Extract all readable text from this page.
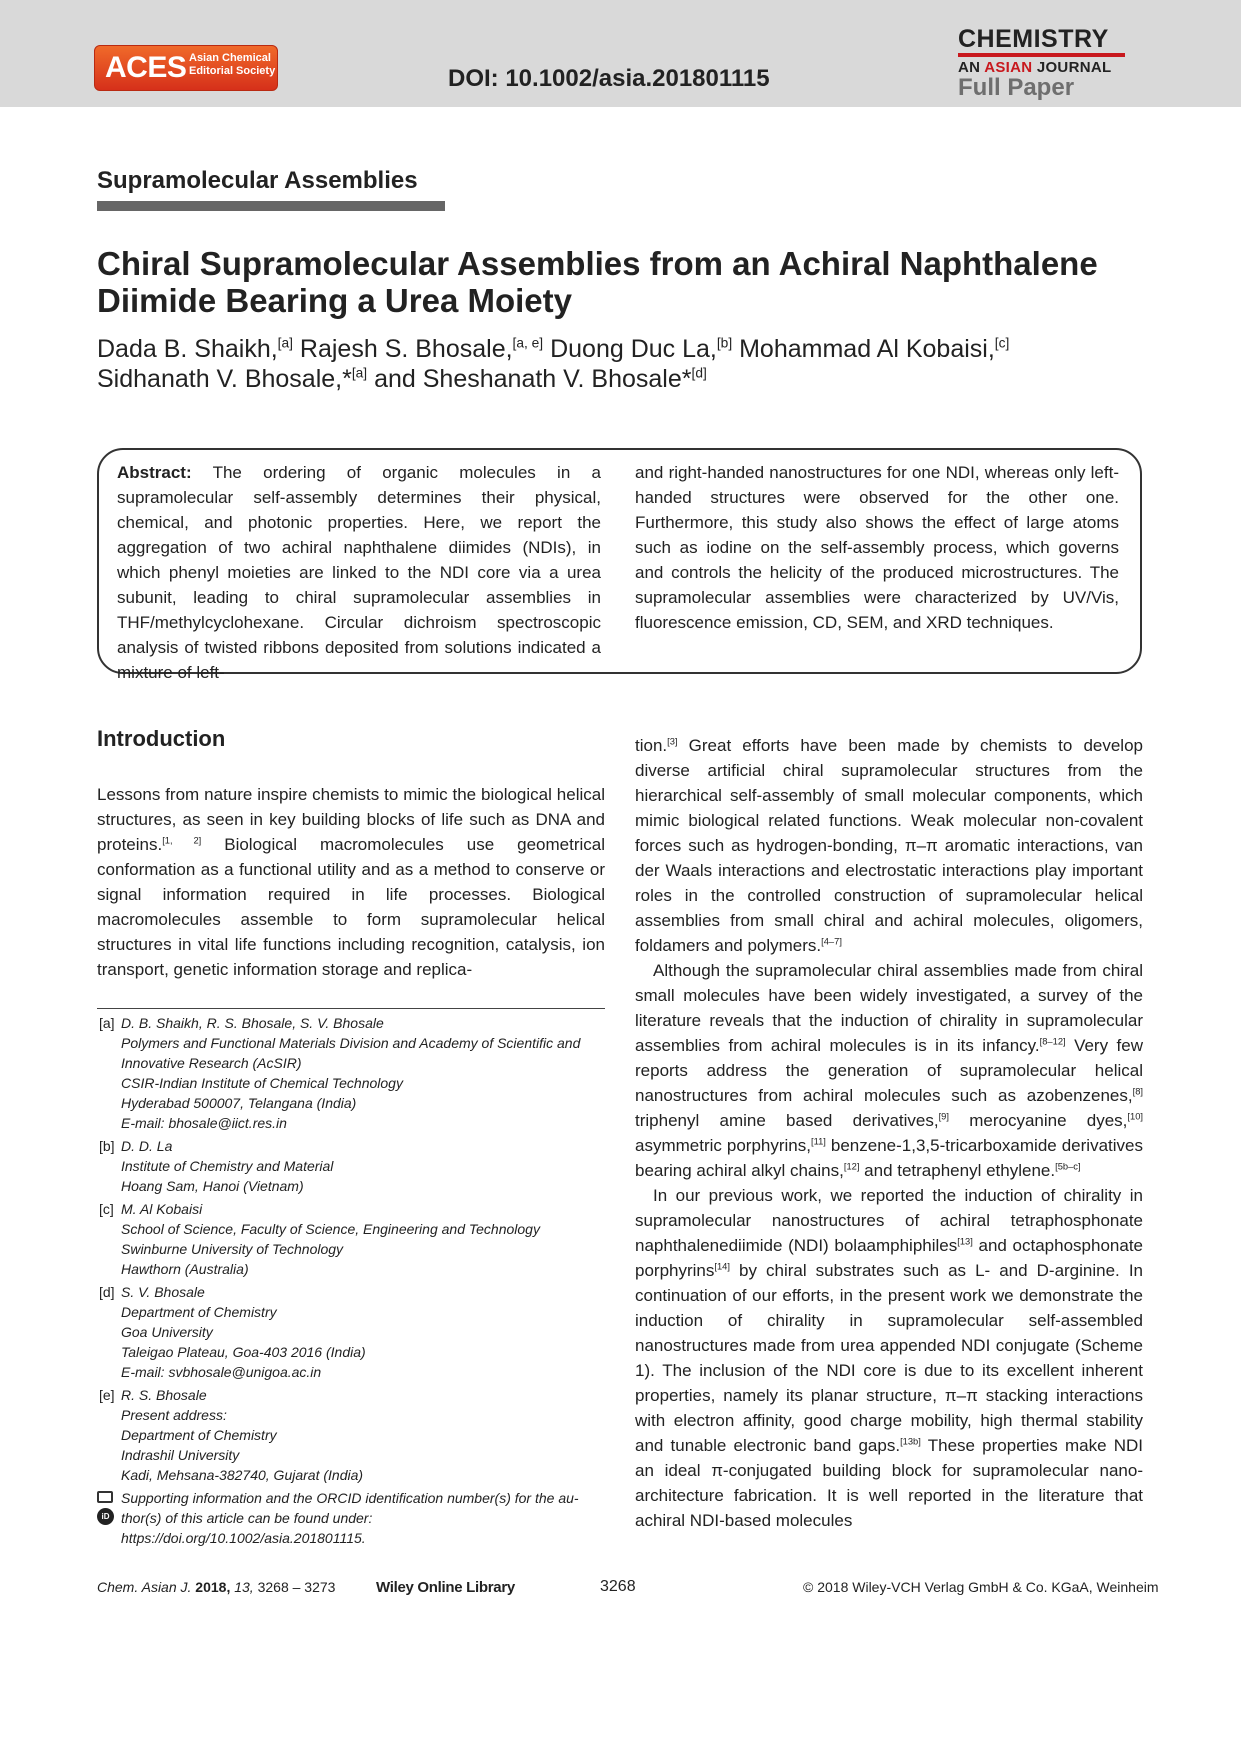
ACES Asian Chemical
Editorial Society	DOI: 10.1002/asia.201801115
CHEMISTRY
AN ASIAN JOURNAL
Full Paper
Supramolecular Assemblies
Chiral Supramolecular Assemblies from an Achiral Naphthalene Diimide Bearing a Urea Moiety
Dada B. Shaikh,[a] Rajesh S. Bhosale,[a, e] Duong Duc La,[b] Mohammad Al Kobaisi,[c]
Sidhanath V. Bhosale,*[a] and Sheshanath V. Bhosale*[d]
Abstract: The ordering of organic molecules in a supramolecular self-assembly determines their physical, chemical, and photonic properties. Here, we report the aggregation of two achiral naphthalene diimides (NDIs), in which phenyl moieties are linked to the NDI core via a urea subunit, leading to chiral supramolecular assemblies in THF/methylcyclohexane. Circular dichroism spectroscopic analysis of twisted ribbons deposited from solutions indicated a mixture of left-
and right-handed nanostructures for one NDI, whereas only left-handed structures were observed for the other one. Furthermore, this study also shows the effect of large atoms such as iodine on the self-assembly process, which governs and controls the helicity of the produced microstructures. The supramolecular assemblies were characterized by UV/Vis, fluorescence emission, CD, SEM, and XRD techniques.
Introduction

Lessons from nature inspire chemists to mimic the biological helical structures, as seen in key building blocks of life such as DNA and proteins.[1, 2] Biological macromolecules use geometrical conformation as a functional utility and as a method to conserve or signal information required in life processes. Biological macromolecules assemble to form supramolecular helical structures in vital life functions including recognition, catalysis, ion transport, genetic information storage and replica-

tion.[3] Great efforts have been made by chemists to develop diverse artificial chiral supramolecular structures from the hierarchical self-assembly of small molecular components, which mimic biological related functions. Weak molecular non-covalent forces such as hydrogen-bonding, π–π aromatic interactions, van der Waals interactions and electrostatic interactions play important roles in the controlled construction of supramolecular helical assemblies from small chiral and achiral molecules, oligomers, foldamers and polymers.[4–7]

Although the supramolecular chiral assemblies made from chiral small molecules have been widely investigated, a survey of the literature reveals that the induction of chirality in supramolecular assemblies from achiral molecules is in its infancy.[8–12] Very few reports address the generation of supramolecular helical nanostructures from achiral molecules such as azobenzenes,[8] triphenyl amine based derivatives,[9] merocyanine dyes,[10] asymmetric porphyrins,[11] benzene-1,3,5-tricarboxamide derivatives bearing achiral alkyl chains,[12] and tetraphenyl ethylene.[5b–c]

In our previous work, we reported the induction of chirality in supramolecular nanostructures of achiral tetraphosphonate naphthalenediimide (NDI) bolaamphiphiles[13] and octaphosphonate porphyrins[14] by chiral substrates such as L- and D-arginine. In continuation of our efforts, in the present work we demonstrate the induction of chirality in supramolecular self-assembled nanostructures made from urea appended NDI conjugate (Scheme 1). The inclusion of the NDI core is due to its excellent inherent properties, namely its planar structure, π–π stacking interactions with electron affinity, good charge mobility, high thermal stability and tunable electronic band gaps.[13b] These properties make NDI an ideal π-conjugated building block for supramolecular nano-architecture fabrication. It is well reported in the literature that achiral NDI-based molecules

[a] D. B. Shaikh, R. S. Bhosale, S. V. Bhosale
Polymers and Functional Materials Division and Academy of Scientific and
Innovative Research (AcSIR)
CSIR-Indian Institute of Chemical Technology
Hyderabad 500007, Telangana (India)
E-mail: bhosale@iict.res.in
[b] D. D. La
Institute of Chemistry and Material
Hoang Sam, Hanoi (Vietnam)
[c] M. Al Kobaisi
School of Science, Faculty of Science, Engineering and Technology
Swinburne University of Technology
Hawthorn (Australia)
[d] S. V. Bhosale
Department of Chemistry
Goa University
Taleigao Plateau, Goa-403 2016 (India)
E-mail: svbhosale@unigoa.ac.in
[e] R. S. Bhosale
Present address:
Department of Chemistry
Indrashil University
Kadi, Mehsana-382740, Gujarat (India)
iD
Supporting information and the ORCID identification number(s) for the au-
thor(s) of this article can be found under:
https://doi.org/10.1002/asia.201801115.
Chem. Asian J. 2018, 13, 3268 – 3273	Wiley Online Library	3268	© 2018 Wiley-VCH Verlag GmbH & Co. KGaA, Weinheim
